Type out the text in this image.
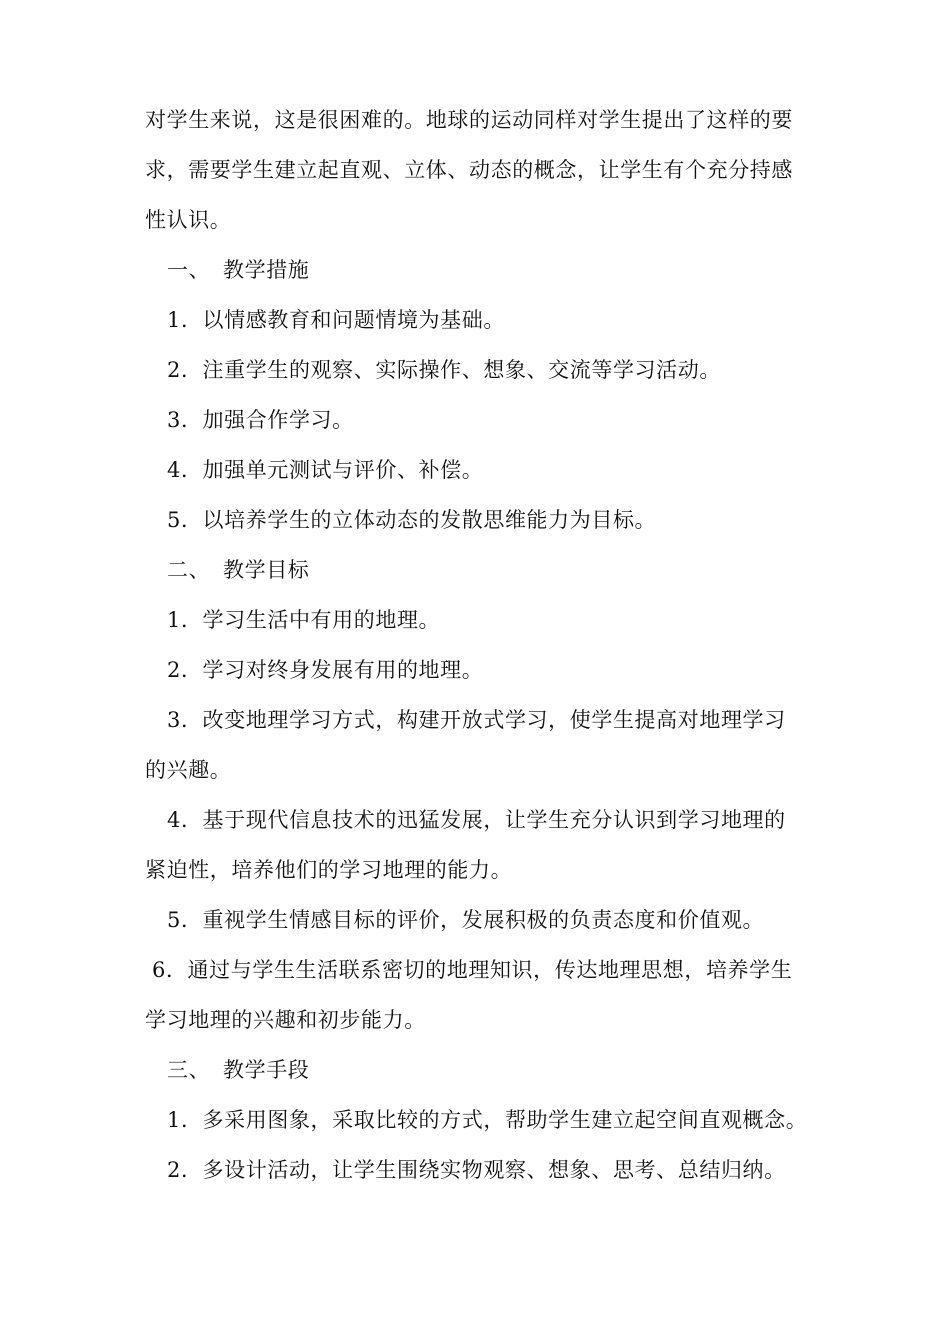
对学生来说，这是很困难的。地球的运动同样对学生提出了这样的要
求，需要学生建立起直观、立体、动态的概念，让学生有个充分持感
性认识。
一、 教学措施
1．以情感教育和问题情境为基础。
2．注重学生的观察、实际操作、想象、交流等学习活动。
3．加强合作学习。
4．加强单元测试与评价、补偿。
5．以培养学生的立体动态的发散思维能力为目标。
二、 教学目标
1．学习生活中有用的地理。
2．学习对终身发展有用的地理。
3．改变地理学习方式，构建开放式学习，使学生提高对地理学习
的兴趣。
4．基于现代信息技术的迅猛发展，让学生充分认识到学习地理的
紧迫性，培养他们的学习地理的能力。
5．重视学生情感目标的评价，发展积极的负责态度和价值观。
6．通过与学生生活联系密切的地理知识，传达地理思想，培养学生
学习地理的兴趣和初步能力。
三、 教学手段
1．多采用图象，采取比较的方式，帮助学生建立起空间直观概念。
2．多设计活动，让学生围绕实物观察、想象、思考、总结归纳。
